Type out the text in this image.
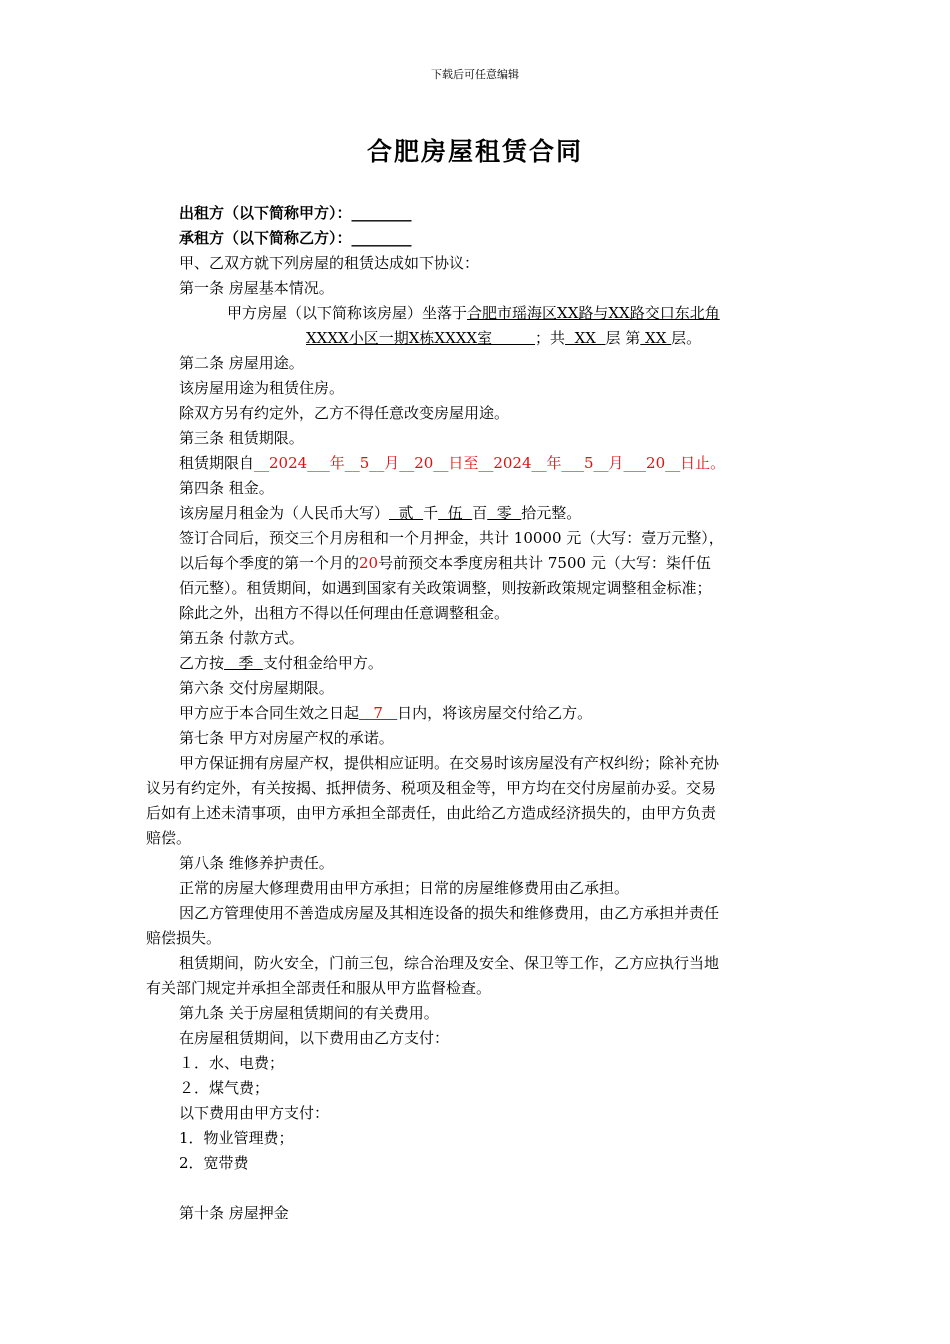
下载后可任意编辑
合肥房屋租赁合同
出租方（以下简称甲方）：________
承租方（以下简称乙方）：________
甲、乙双方就下列房屋的租赁达成如下协议：
第一条 房屋基本情况。
甲方房屋（以下简称该房屋）坐落于合肥市瑶海区XX路与XX路交口东北角
XXXX小区一期X栋XXXX室         ；共  XX  层 第 XX 层。
第二条 房屋用途。
该房屋用途为租赁住房。
除双方另有约定外，乙方不得任意改变房屋用途。
第三条 租赁期限。
租赁期限自__2024___年__5__月__20__日至__2024__年___5__月___20__日止。
第四条 租金。
该房屋月租金为（人民币大写）  贰  千  伍  百  零  拾元整。
签订合同后，预交三个月房租和一个月押金，共计 10000 元（大写：壹万元整），
以后每个季度的第一个月的20号前预交本季度房租共计 7500 元（大写：柒仟伍
佰元整）。租赁期间，如遇到国家有关政策调整，则按新政策规定调整租金标准；
除此之外，出租方不得以任何理由任意调整租金。
第五条 付款方式。
乙方按   季  支付租金给甲方。
第六条 交付房屋期限。
甲方应于本合同生效之日起   7   日内，将该房屋交付给乙方。
第七条 甲方对房屋产权的承诺。
甲方保证拥有房屋产权，提供相应证明。在交易时该房屋没有产权纠纷；除补充协
议另有约定外，有关按揭、抵押债务、税项及租金等，甲方均在交付房屋前办妥。交易
后如有上述未清事项，由甲方承担全部责任，由此给乙方造成经济损失的，由甲方负责
赔偿。
第八条 维修养护责任。
正常的房屋大修理费用由甲方承担；日常的房屋维修费用由乙承担。
因乙方管理使用不善造成房屋及其相连设备的损失和维修费用，由乙方承担并责任
赔偿损失。
租赁期间，防火安全，门前三包，综合治理及安全、保卫等工作，乙方应执行当地
有关部门规定并承担全部责任和服从甲方监督检查。
第九条 关于房屋租赁期间的有关费用。
在房屋租赁期间，以下费用由乙方支付：
１．水、电费；
２．煤气费；
以下费用由甲方支付：
1．物业管理费；
2．宽带费
第十条 房屋押金
